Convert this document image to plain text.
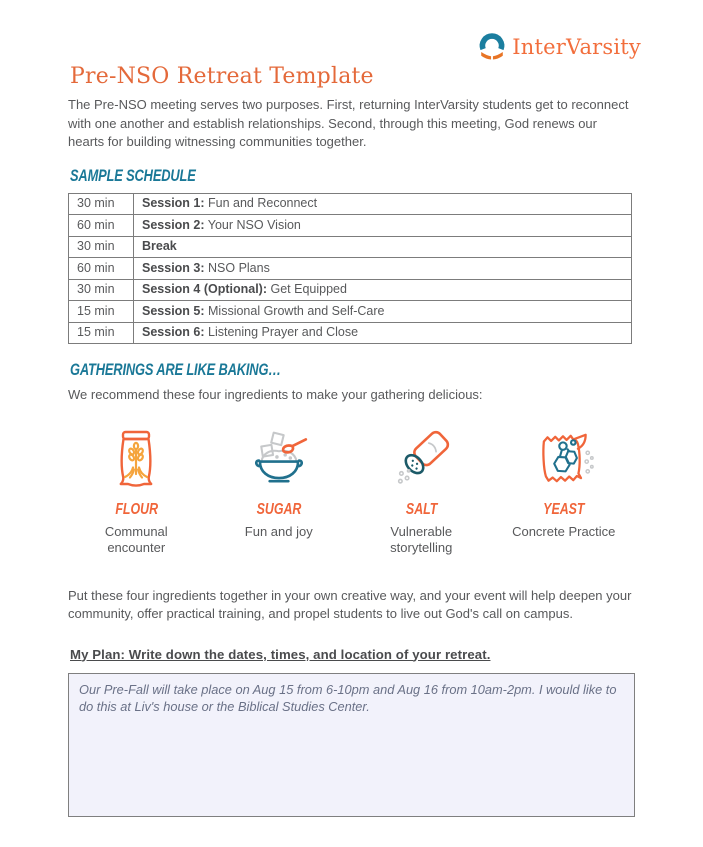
InterVarsity
Pre-NSO Retreat Template

The Pre-NSO meeting serves two purposes. First, returning InterVarsity students get to reconnect with one another and establish relationships. Second, through this meeting, God renews our hearts for building witnessing communities together.

SAMPLE SCHEDULE
30 min	Session 1: Fun and Reconnect
60 min	Session 2: Your NSO Vision
30 min	Break
60 min	Session 3: NSO Plans
30 min	Session 4 (Optional): Get Equipped
15 min	Session 5: Missional Growth and Self-Care
15 min	Session 6: Listening Prayer and Close
GATHERINGS ARE LIKE BAKING…

We recommend these four ingredients to make your gathering delicious:

FLOUR
Communal encounter
SUGAR
Fun and joy
SALT
Vulnerable storytelling
YEAST
Concrete Practice

Put these four ingredients together in your own creative way, and your event will help deepen your community, offer practical training, and propel students to live out God's call on campus.

My Plan: Write down the dates, times, and location of your retreat.
Our Pre-Fall will take place on Aug 15 from 6-10pm and Aug 16 from 10am-2pm. I would like to do this at Liv's house or the Biblical Studies Center.
